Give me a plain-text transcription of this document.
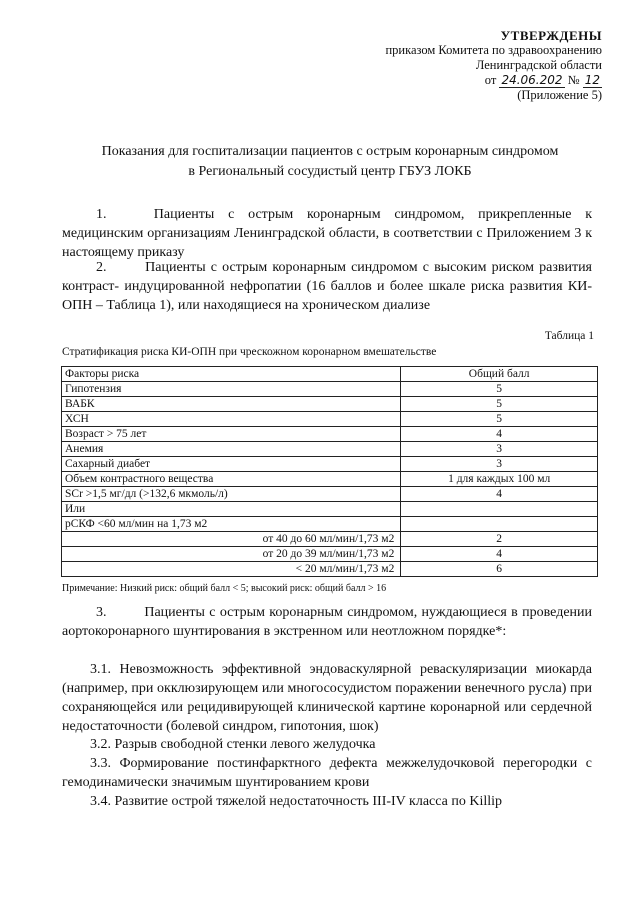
УТВЕРЖДЕНЫ
приказом Комитета по здравоохранению
Ленинградской области
от 24.06.202 № 12
(Приложение 5)
Показания для госпитализации пациентов с острым коронарным синдромом
в Региональный сосудистый центр ГБУЗ ЛОКБ
1.	Пациенты с острым коронарным синдромом, прикрепленные к медицинским организациям Ленинградской области, в соответствии с Приложением 3 к настоящему приказу
2.	Пациенты с острым коронарным синдромом с высоким риском развития контраст- индуцированной нефропатии (16 баллов и более шкале риска развития КИ-ОПН – Таблица 1), или находящиеся на хроническом диализе
Таблица 1
Стратификация риска КИ-ОПН при чрескожном коронарном вмешательстве
Факторы риска	Общий балл
Гипотензия	5
ВАБК	5
ХСН	5
Возраст > 75 лет	4
Анемия	3
Сахарный диабет	3
Объем контрастного вещества	1 для каждых 100 мл
SCr >1,5 мг/дл (>132,6 мкмоль/л)	4
Или	
рСКФ <60 мл/мин на 1,73 м2	
от 40 до 60 мл/мин/1,73 м2	2
от 20 до 39 мл/мин/1,73 м2	4
< 20 мл/мин/1,73 м2	6
Примечание: Низкий риск: общий балл < 5; высокий риск: общий балл > 16
3.	Пациенты с острым коронарным синдромом, нуждающиеся в проведении аортокоронарного шунтирования в экстренном или неотложном порядке*:
3.1. Невозможность эффективной эндоваскулярной реваскуляризации миокарда (например, при окклюзирующем или многососудистом поражении венечного русла) при сохраняющейся или рецидивирующей клинической картине коронарной или сердечной недостаточности (болевой синдром, гипотония, шок)
3.2. Разрыв свободной стенки левого желудочка
3.3. Формирование постинфарктного дефекта межжелудочковой перегородки с гемодинамически значимым шунтированием крови
3.4. Развитие острой тяжелой недостаточность III-IV класса по Killip
